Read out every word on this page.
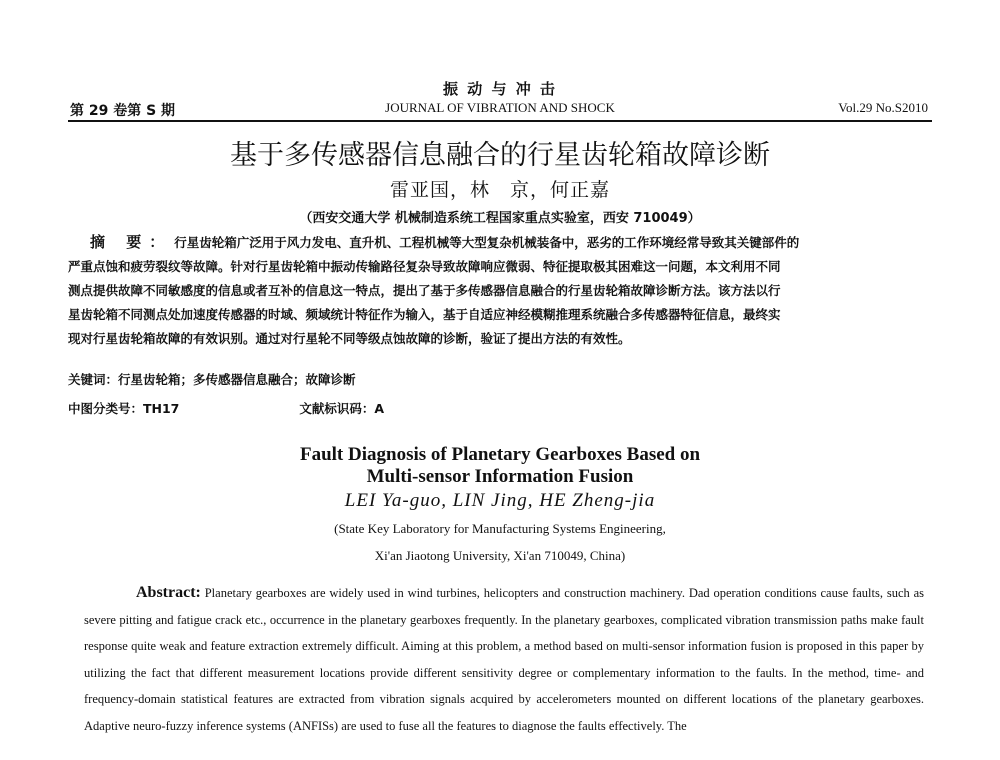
振 动 与 冲 击
第 29 卷第 S 期	JOURNAL OF VIBRATION AND SHOCK	Vol.29 No.S2010
基于多传感器信息融合的行星齿轮箱故障诊断
雷亚国，林　京，何正嘉
（西安交通大学 机械制造系统工程国家重点实验室，西安 710049）
摘 要： 行星齿轮箱广泛用于风力发电、直升机、工程机械等大型复杂机械装备中，恶劣的工作环境经常导致其关键部件的
严重点蚀和疲劳裂纹等故障。针对行星齿轮箱中振动传输路径复杂导致故障响应微弱、特征提取极其困难这一问题，本文利用不同
测点提供故障不同敏感度的信息或者互补的信息这一特点，提出了基于多传感器信息融合的行星齿轮箱故障诊断方法。该方法以行
星齿轮箱不同测点处加速度传感器的时域、频域统计特征作为输入，基于自适应神经模糊推理系统融合多传感器特征信息，最终实
现对行星齿轮箱故障的有效识别。通过对行星轮不同等级点蚀故障的诊断，验证了提出方法的有效性。
关键词：行星齿轮箱；多传感器信息融合；故障诊断
中图分类号：TH17	文献标识码：A
Fault Diagnosis of Planetary Gearboxes Based on
Multi-sensor Information Fusion
LEI Ya-guo, LIN Jing, HE Zheng-jia
(State Key Laboratory for Manufacturing Systems Engineering,
Xi'an Jiaotong University, Xi'an 710049, China)
Abstract: Planetary gearboxes are widely used in wind turbines, helicopters and construction machinery. Dad operation conditions cause faults, such as severe pitting and fatigue crack etc., occurrence in the planetary gearboxes frequently. In the planetary gearboxes, complicated vibration transmission paths make fault response quite weak and feature extraction extremely difficult. Aiming at this problem, a method based on multi-sensor information fusion is proposed in this paper by utilizing the fact that different measurement locations provide different sensitivity degree or complementary information to the faults. In the method, time- and frequency-domain statistical features are extracted from vibration signals acquired by accelerometers mounted on different locations of the planetary gearboxes. Adaptive neuro-fuzzy inference systems (ANFISs) are used to fuse all the features to diagnose the faults effectively. The
